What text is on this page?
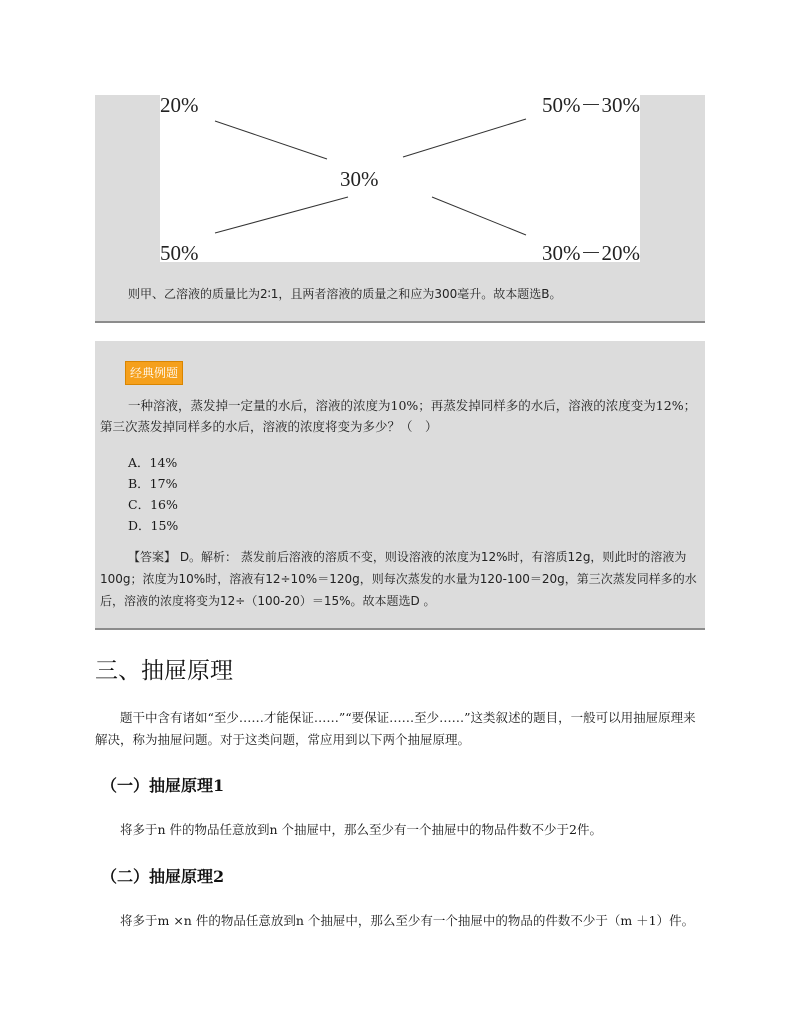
20%	50%－30%
30%
50%	30%－20%
则甲、乙溶液的质量比为2∶1，且两者溶液的质量之和应为300毫升。故本题选B。
经典例题
一种溶液，蒸发掉一定量的水后，溶液的浓度为10%；再蒸发掉同样多的水后，溶液的浓度变为12%；第三次蒸发掉同样多的水后，溶液的浓度将变为多少？（　）
A．14%
B．17%
C．16%
D．15%
【答案】 D。解析： 蒸发前后溶液的溶质不变，则设溶液的浓度为12%时，有溶质12g，则此时的溶液为100g；浓度为10%时，溶液有12÷10%＝120g，则每次蒸发的水量为120-100＝20g，第三次蒸发同样多的水后，溶液的浓度将变为12÷（100-20）＝15%。故本题选D 。
三、抽屉原理
题干中含有诸如“至少……才能保证……”“要保证……至少……”这类叙述的题目，一般可以用抽屉原理来解决，称为抽屉问题。对于这类问题，常应用到以下两个抽屉原理。
（一）抽屉原理1
将多于n 件的物品任意放到n 个抽屉中，那么至少有一个抽屉中的物品件数不少于2件。
（二）抽屉原理2
将多于m ×n 件的物品任意放到n 个抽屉中，那么至少有一个抽屉中的物品的件数不少于（m ＋1）件。
